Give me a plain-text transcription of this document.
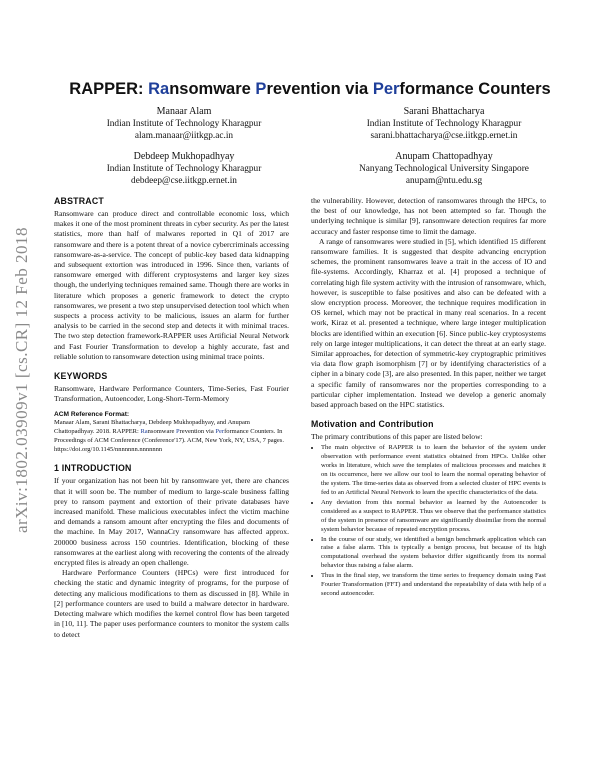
arXiv:1802.03909v1 [cs.CR] 12 Feb 2018
RAPPER: Ransomware Prevention via Performance Counters
Manaar Alam
Indian Institute of Technology Kharagpur
alam.manaar@iitkgp.ac.in
Sarani Bhattacharya
Indian Institute of Technology Kharagpur
sarani.bhattacharya@cse.iitkgp.ernet.in
Debdeep Mukhopadhyay
Indian Institute of Technology Kharagpur
debdeep@cse.iitkgp.ernet.in
Anupam Chattopadhyay
Nanyang Technological University Singapore
anupam@ntu.edu.sg
ABSTRACT

Ransomware can produce direct and controllable economic loss, which makes it one of the most prominent threats in cyber security. As per the latest statistics, more than half of malwares reported in Q1 of 2017 are ransomware and there is a potent threat of a novice cybercriminals accessing ransomware-as-a-service. The concept of public-key based data kidnapping and subsequent extortion was introduced in 1996. Since then, variants of ransomware emerged with different cryptosystems and larger key sizes though, the underlying techniques remained same. Though there are works in literature which proposes a generic framework to detect the crypto ransomwares, we present a two step unsupervised detection tool which when suspects a process activity to be malicious, issues an alarm for further analysis to be carried in the second step and detects it with minimal traces. The two step detection framework-RAPPER uses Artificial Neural Network and Fast Fourier Transformation to develop a highly accurate, fast and reliable solution to ransomware detection using minimal trace points.

KEYWORDS

Ransomware, Hardware Performance Counters, Time-Series, Fast Fourier Transformation, Autoencoder, Long-Short-Term-Memory

ACM Reference Format:
Manaar Alam, Sarani Bhattacharya, Debdeep Mukhopadhyay, and Anupam Chattopadhyay. 2018. RAPPER: Ransomware Prevention via Performance Counters. In Proceedings of ACM Conference (Conference'17). ACM, New York, NY, USA, 7 pages. https://doi.org/10.1145/nnnnnnn.nnnnnnn
1 INTRODUCTION

If your organization has not been hit by ransomware yet, there are chances that it will soon be. The number of medium to large-scale business falling prey to ransom payment and extortion of their private databases have increased manifold. These malicious executables infect the victim machine and demands a ransom amount after encrypting the files and documents of the machine. In May 2017, WannaCry ransomware has affected approx. 200000 business across 150 countries. Identification, blocking of these ransomwares at the earliest along with recovering the contents of the already encrypted files is already an open challenge.

Hardware Performance Counters (HPCs) were first introduced for checking the static and dynamic integrity of programs, for the purpose of detecting any malicious modifications to them as discussed in [8]. While in [2] performance counters are used to build a malware detector in hardware. Detecting malware which modifies the kernel control flow has been targeted in [10, 11]. The paper uses performance counters to monitor the system calls to detect

the vulnerability. However, detection of ransomwares through the HPCs, to the best of our knowledge, has not been attempted so far. Though the underlying technique is similar [9], ransomware detection requires far more accuracy and faster response time to limit the damage.

A range of ransomwares were studied in [5], which identified 15 different ransomware families. It is suggested that despite advancing encryption schemes, the prominent ransomwares leave a trait in the access of IO and file-systems. Accordingly, Kharraz et al. [4] proposed a technique of correlating high file system activity with the intrusion of ransomware, which, however, is susceptible to false positives and also can be defeated with a slow encryption process. Moreover, the technique requires modification in OS kernel, which may not be practical in many real scenarios. In a recent work, Kiraz et al. presented a technique, where large integer multiplication blocks are identified within an execution [6]. Since public-key cryptosystems rely on large integer multiplications, it can detect the threat at an early stage. Similar approaches, for detection of symmetric-key cryptographic primitives via data flow graph isomorphism [7] or by identifying characteristics of a cipher in a binary code [3], are also presented. In this paper, neither we target a specific family of ransomwares nor the properties corresponding to a particular cipher implementation. Instead we develop a generic anomaly based approach based on the HPC statistics.

Motivation and Contribution

The primary contributions of this paper are listed below:

• The main objective of RAPPER is to learn the behavior of the system under observation with performance event statistics obtained from HPCs. Unlike other works in literature, which save the templates of malicious processes and matches it on its occurrence, here we allow our tool to learn the normal operating behavior of the system. The time-series data as observed from a selected cluster of HPC events is fed to an Artificial Neural Network to learn the specific characteristics of the data.
• Any deviation from this normal behavior as learned by the Autoencoder is considered as a suspect to RAPPER. Thus we observe that the performance statistics of the system in presence of ransomware are significantly dissimilar from the normal system behavior because of repeated encryption process.
• In the course of our study, we identified a benign benchmark application which can raise a false alarm. This is typically a benign process, but because of its high computational overhead the system behavior differ significantly from its normal behavior thus raising a false alarm.
• Thus in the final step, we transform the time series to frequency domain using Fast Fourier Transformation (FFT) and understand the repeatability of data with help of a second autoencoder.
